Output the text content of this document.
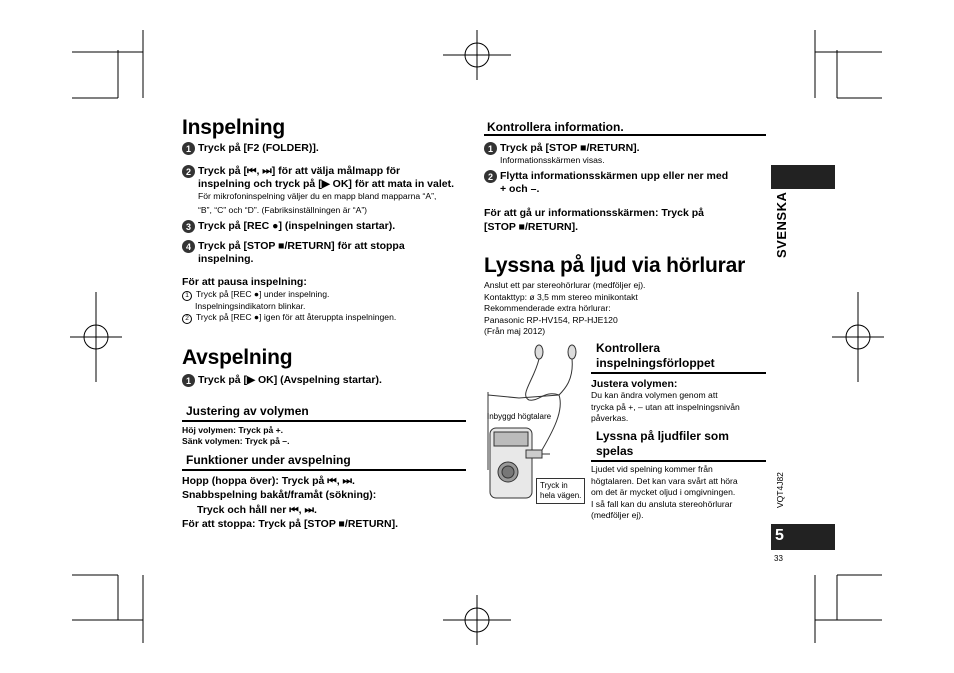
Inspelning
1 Tryck på [F2 (FOLDER)].
2 Tryck på [⏮, ⏭] för att välja målmapp för
inspelning och tryck på [▶ OK] för att mata in valet.
För mikrofoninspelning väljer du en mapp bland mapparna “A”,
“B”, “C” och “D”. (Fabriksinställningen är “A”)
3 Tryck på [REC ●] (inspelningen startar).
4 Tryck på [STOP ■/RETURN] för att stoppa
inspelning.
För att pausa inspelning:
1 Tryck på [REC ●] under inspelning.
Inspelningsindikatorn blinkar.
2 Tryck på [REC ●] igen för att återuppta inspelningen.
Avspelning
1 Tryck på [▶ OK] (Avspelning startar).
Justering av volymen
Höj volymen: Tryck på +.
Sänk volymen: Tryck på –.
Funktioner under avspelning
Hopp (hoppa över): Tryck på ⏮, ⏭.
Snabbspelning bakåt/framåt (sökning):
Tryck och håll ner ⏮, ⏭.
För att stoppa: Tryck på [STOP ■/RETURN].
Kontrollera information.
1 Tryck på [STOP ■/RETURN].
Informationsskärmen visas.
2 Flytta informationsskärmen upp eller ner med
+ och –.
För att gå ur informationsskärmen: Tryck på
[STOP ■/RETURN].
Lyssna på ljud via hörlurar
Anslut ett par stereohörlurar (medföljer ej).
Kontakttyp: ø 3,5 mm stereo minikontakt
Rekommenderade extra hörlurar:
Panasonic RP-HV154, RP-HJE120
(Från maj 2012)
Inbyggd högtalare
Tryck in
hela vägen.
Kontrollera
inspelningsförloppet
Justera volymen:
Du kan ändra volymen genom att
trycka på +, – utan att inspelningsnivån
påverkas.
Lyssna på ljudfiler som
spelas
Ljudet vid spelning kommer från
högtalaren. Det kan vara svårt att höra
om det är mycket oljud i omgivningen.
I så fall kan du ansluta stereohörlurar
(medföljer ej).
SVENSKA
VQT4J82
5
33
